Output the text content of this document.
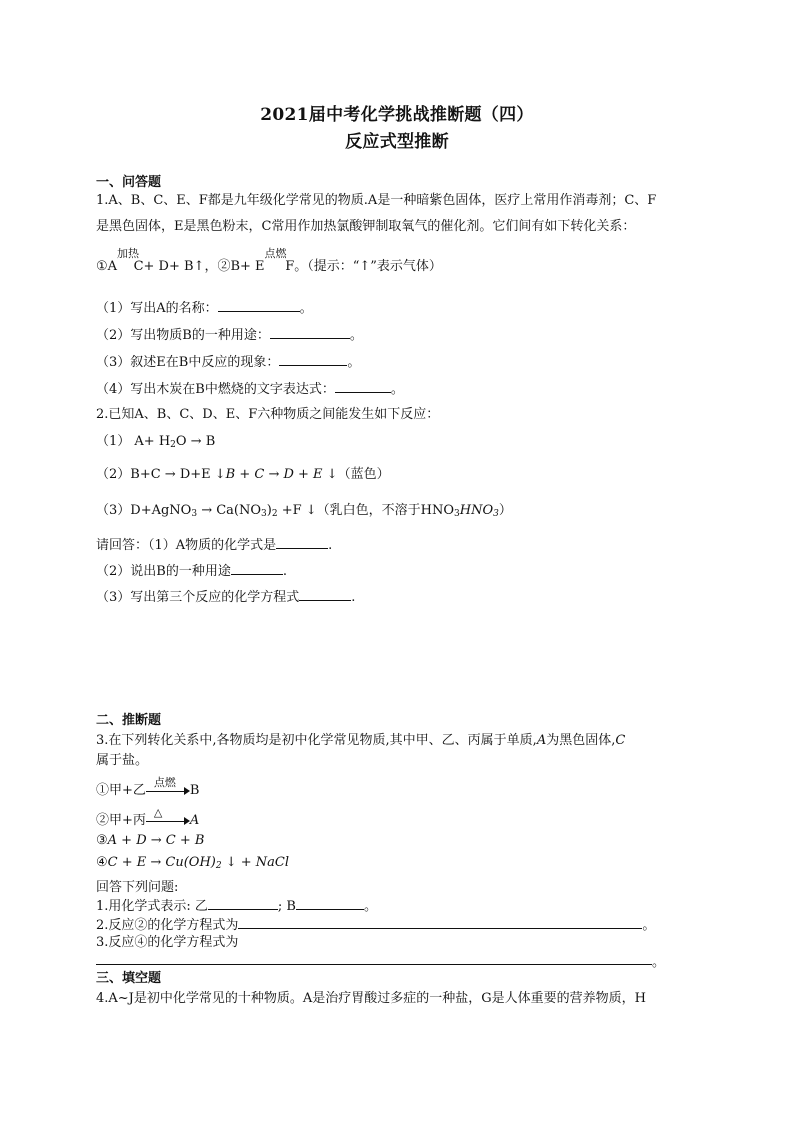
2021届中考化学挑战推断题（四）
反应式型推断
一、问答题
1.A、B、C、E、F都是九年级化学常见的物质.A是一种暗紫色固体，医疗上常用作消毒剂；C、F
是黑色固体，E是黑色粉末，C常用作加热氯酸钾制取氧气的催化剂。它们间有如下转化关系：
①A
加热
C+ D+ B↑，②B+ E
点燃
F。（提示：“↑”表示气体）
（1）写出A的名称：	。
（2）写出物质B的一种用途：	。
（3）叙述E在B中反应的现象：	。
（4）写出木炭在B中燃烧的文字表达式：	。
2.已知A、B、C、D、E、F六种物质之间能发生如下反应：
（1） $A+ H_2O \to B$
（2）B+C → D+E ↓B + C → D + E ↓（蓝色）
（3）D+AgNO$_3$ → $Ca(NO_3)_2 +F$ ↓（乳白色，不溶于$HNO_3HNO_3$）
请回答：（1）A物质的化学式是	.
（2）说出B的一种用途	.
（3）写出第三个反应的化学方程式	.
二、推断题
3.在下列转化关系中,各物质均是初中化学常见物质,其中甲、乙、丙属于单质,A为黑色固体,C
属于盐。
①甲+乙
点燃
B
②甲+丙
△
A
③A + D → C + B
④C + $E \to Cu(OH)_2$ ↓ + NaCl
回答下列问题:
1.用化学式表示: 乙	; B	。
2.反应②的化学方程式为	。
3.反应④的化学方程式为
。
三、填空题
4.A~J是初中化学常见的十种物质。A是治疗胃酸过多症的一种盐，G是人体重要的营养物质，H
